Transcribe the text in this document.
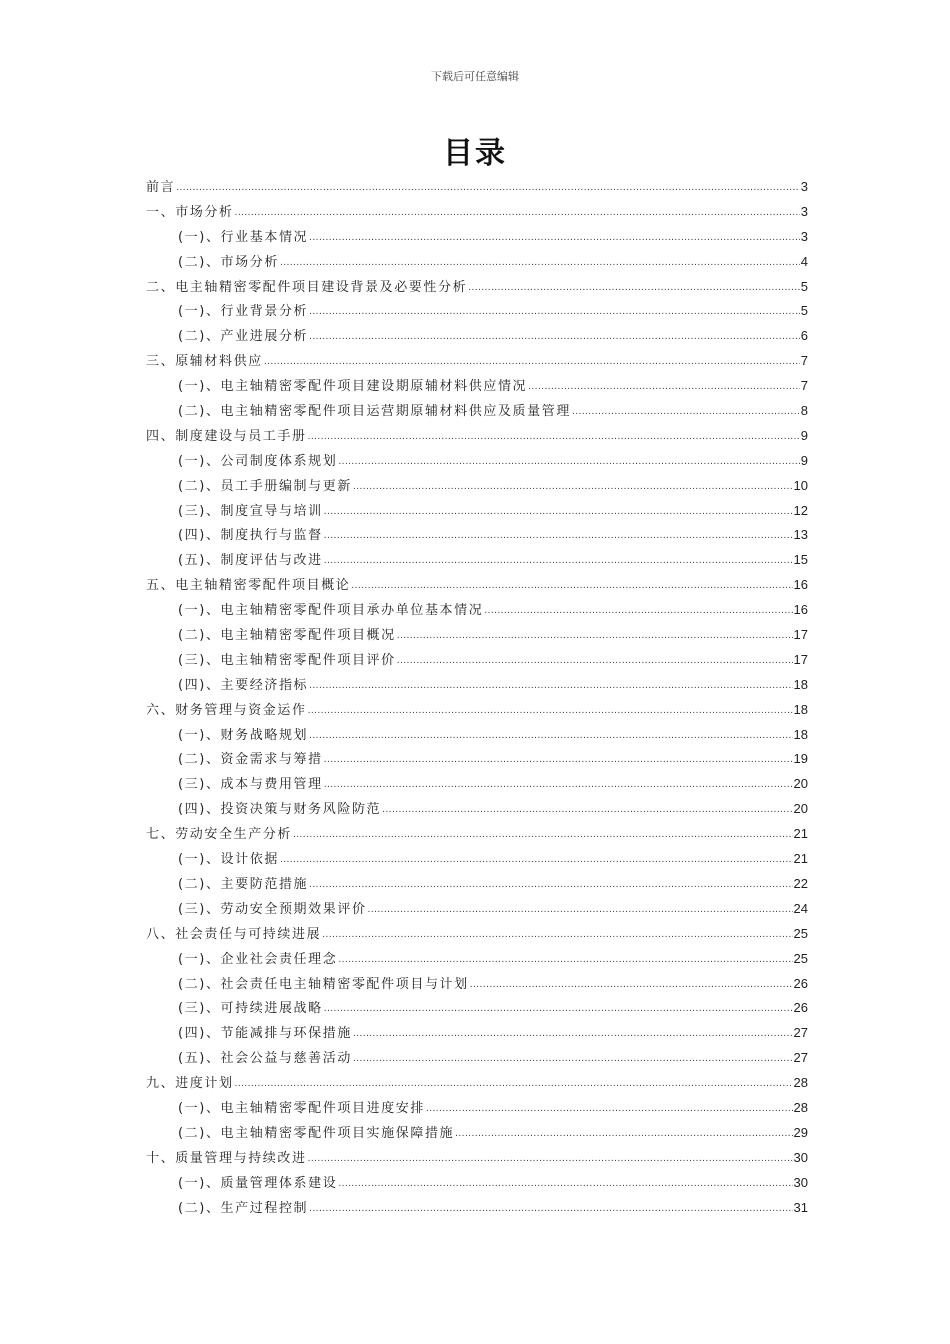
下载后可任意编辑
目录
前言 .....	3
一、市场分析 .....	3
(一)、行业基本情况 .....	3
(二)、市场分析 .....	4
二、电主轴精密零配件项目建设背景及必要性分析 .....	5
(一)、行业背景分析 .....	5
(二)、产业进展分析 .....	6
三、原辅材料供应 .....	7
(一)、电主轴精密零配件项目建设期原辅材料供应情况 .....	7
(二)、电主轴精密零配件项目运营期原辅材料供应及质量管理 .....	8
四、制度建设与员工手册 .....	9
(一)、公司制度体系规划 .....	9
(二)、员工手册编制与更新 .....	10
(三)、制度宣导与培训 .....	12
(四)、制度执行与监督 .....	13
(五)、制度评估与改进 .....	15
五、电主轴精密零配件项目概论 .....	16
(一)、电主轴精密零配件项目承办单位基本情况 .....	16
(二)、电主轴精密零配件项目概况 .....	17
(三)、电主轴精密零配件项目评价 .....	17
(四)、主要经济指标 .....	18
六、财务管理与资金运作 .....	18
(一)、财务战略规划 .....	18
(二)、资金需求与筹措 .....	19
(三)、成本与费用管理 .....	20
(四)、投资决策与财务风险防范 .....	20
七、劳动安全生产分析 .....	21
(一)、设计依据 .....	21
(二)、主要防范措施 .....	22
(三)、劳动安全预期效果评价 .....	24
八、社会责任与可持续进展 .....	25
(一)、企业社会责任理念 .....	25
(二)、社会责任电主轴精密零配件项目与计划 .....	26
(三)、可持续进展战略 .....	26
(四)、节能减排与环保措施 .....	27
(五)、社会公益与慈善活动 .....	27
九、进度计划 .....	28
(一)、电主轴精密零配件项目进度安排 .....	28
(二)、电主轴精密零配件项目实施保障措施 .....	29
十、质量管理与持续改进 .....	30
(一)、质量管理体系建设 .....	30
(二)、生产过程控制 .....	31
